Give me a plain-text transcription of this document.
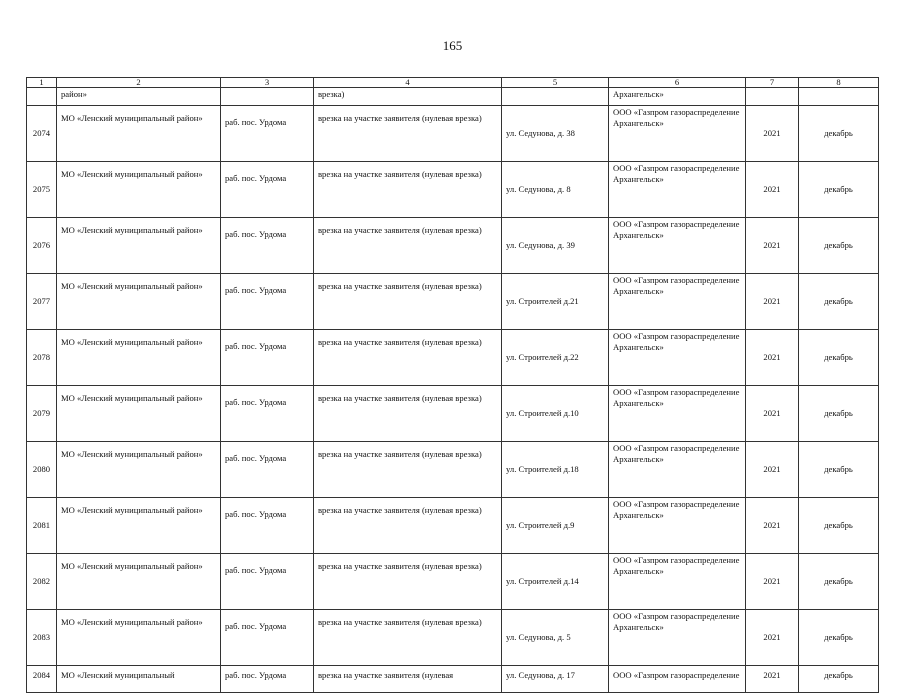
165
1	2	3	4	5	6	7	8
	район»		врезка)		Архангельск»		
2074	МО «Ленский муниципальный район»	раб. пос. Урдома	врезка на участке заявителя (нулевая врезка)	ул. Седунова, д. 38	ООО «Газпром газораспределение Архангельск»	2021	декабрь
2075	МО «Ленский муниципальный район»	раб. пос. Урдома	врезка на участке заявителя (нулевая врезка)	ул. Седунова, д. 8	ООО «Газпром газораспределение Архангельск»	2021	декабрь
2076	МО «Ленский муниципальный район»	раб. пос. Урдома	врезка на участке заявителя (нулевая врезка)	ул. Седунова, д. 39	ООО «Газпром газораспределение Архангельск»	2021	декабрь
2077	МО «Ленский муниципальный район»	раб. пос. Урдома	врезка на участке заявителя (нулевая врезка)	ул. Строителей д.21	ООО «Газпром газораспределение Архангельск»	2021	декабрь
2078	МО «Ленский муниципальный район»	раб. пос. Урдома	врезка на участке заявителя (нулевая врезка)	ул. Строителей д.22	ООО «Газпром газораспределение Архангельск»	2021	декабрь
2079	МО «Ленский муниципальный район»	раб. пос. Урдома	врезка на участке заявителя (нулевая врезка)	ул. Строителей д.10	ООО «Газпром газораспределение Архангельск»	2021	декабрь
2080	МО «Ленский муниципальный район»	раб. пос. Урдома	врезка на участке заявителя (нулевая врезка)	ул. Строителей д.18	ООО «Газпром газораспределение Архангельск»	2021	декабрь
2081	МО «Ленский муниципальный район»	раб. пос. Урдома	врезка на участке заявителя (нулевая врезка)	ул. Строителей д.9	ООО «Газпром газораспределение Архангельск»	2021	декабрь
2082	МО «Ленский муниципальный район»	раб. пос. Урдома	врезка на участке заявителя (нулевая врезка)	ул. Строителей д.14	ООО «Газпром газораспределение Архангельск»	2021	декабрь
2083	МО «Ленский муниципальный район»	раб. пос. Урдома	врезка на участке заявителя (нулевая врезка)	ул. Седунова, д. 5	ООО «Газпром газораспределение Архангельск»	2021	декабрь
2084	МО «Ленский муниципальный	раб. пос. Урдома	врезка на участке заявителя (нулевая	ул. Седунова, д. 17	ООО «Газпром газораспределение	2021	декабрь
